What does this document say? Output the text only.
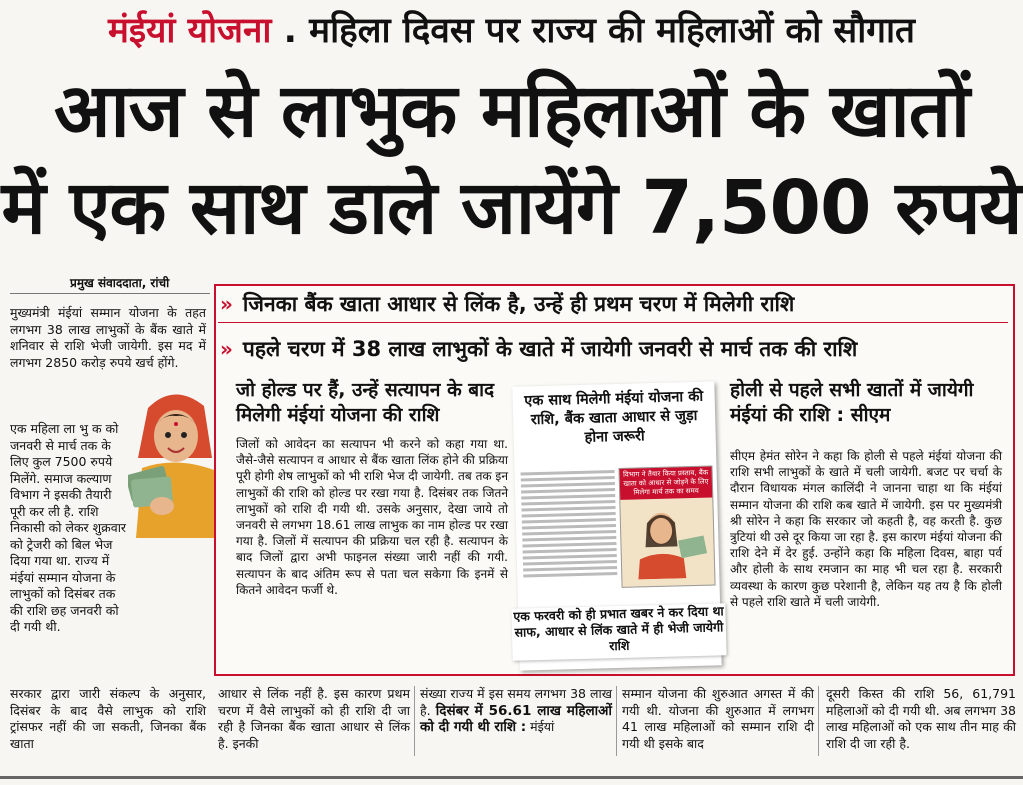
मंईयां योजना . महिला दिवस पर राज्य की महिलाओं को सौगात
आज से लाभुक महिलाओं के खातों
में एक साथ डाले जायेंगे 7,500 रुपये
प्रमुख संवाददाता, रांची
मुख्यमंत्री मंईयां सम्मान योजना के तहत लगभग 38 लाख लाभुकों के बैंक खाते में शनिवार से राशि भेजी जायेगी. इस मद में लगभग 2850 करोड़ रुपये खर्च होंगे.
एक महिला ला भु क को जनवरी से मार्च तक के लिए कुल 7500 रुपये मिलेंगे. समाज कल्याण विभाग ने इसकी तैयारी पूरी कर ली है. राशि निकासी को लेकर शुक्रवार को ट्रेजरी को बिल भेज दिया गया था. राज्य में मंईयां सम्मान योजना के लाभुकों को दिसंबर तक की राशि छह जनवरी को दी गयी थी.
» जिनका बैंक खाता आधार से लिंक है, उन्हें ही प्रथम चरण में मिलेगी राशि
» पहले चरण में 38 लाख लाभुकों के खाते में जायेगी जनवरी से मार्च तक की राशि
जो होल्ड पर हैं, उन्हें सत्यापन के बाद मिलेगी मंईयां योजना की राशि
जिलों को आवेदन का सत्यापन भी करने को कहा गया था. जैसे-जैसे सत्यापन व आधार से बैंक खाता लिंक होने की प्रक्रिया पूरी होगी शेष लाभुकों को भी राशि भेज दी जायेगी. तब तक इन लाभुकों की राशि को होल्ड पर रखा गया है. दिसंबर तक जितने लाभुकों को राशि दी गयी थी. उसके अनुसार, देखा जाये तो जनवरी से लगभग 18.61 लाख लाभुक का नाम होल्ड पर रखा गया है. जिलों में सत्यापन की प्रक्रिया चल रही है. सत्यापन के बाद जिलों द्वारा अभी फाइनल संख्या जारी नहीं की गयी. सत्यापन के बाद अंतिम रूप से पता चल सकेगा कि इनमें से कितने आवेदन फर्जी थे.
एक साथ मिलेगी मंईयां योजना की राशि, बैंक खाता आधार से जुड़ा होना जरूरी
विभाग ने तैयार किया प्रस्ताव, बैंक खाता को आधार से जोड़ने के लिए मिलेगा मार्च तक का समय
एक फरवरी को ही प्रभात खबर ने कर दिया था साफ, आधार से लिंक खाते में ही भेजी जायेगी राशि
होली से पहले सभी खातों में जायेगी मंईयां की राशि : सीएम
सीएम हेमंत सोरेन ने कहा कि होली से पहले मंईयां योजना की राशि सभी लाभुकों के खाते में चली जायेगी. बजट पर चर्चा के दौरान विधायक मंगल कालिंदी ने जानना चाहा था कि मंईयां सम्मान योजना की राशि कब खाते में जायेगी. इस पर मुख्यमंत्री श्री सोरेन ने कहा कि सरकार जो कहती है, वह करती है. कुछ त्रुटियां थी उसे दूर किया जा रहा है. इस कारण मंईयां योजना की राशि देने में देर हुई. उन्होंने कहा कि महिला दिवस, बाहा पर्व और होली के साथ रमजान का माह भी चल रहा है. सरकारी व्यवस्था के कारण कुछ परेशानी है, लेकिन यह तय है कि होली से पहले राशि खाते में चली जायेगी.
सरकार द्वारा जारी संकल्प के अनुसार, दिसंबर के बाद वैसे लाभुक को राशि ट्रांसफर नहीं की जा सकती, जिनका बैंक खाता
आधार से लिंक नहीं है. इस कारण प्रथम चरण में वैसे लाभुकों को ही राशि दी जा रही है जिनका बैंक खाता आधार से लिंक है. इनकी
संख्या राज्य में इस समय लगभग 38 लाख है. दिसंबर में 56.61 लाख महिलाओं को दी गयी थी राशि : मंईयां
सम्मान योजना की शुरुआत अगस्त में की गयी थी. योजना की शुरुआत में लगभग 41 लाख महिलाओं को सम्मान राशि दी गयी थी इसके बाद
दूसरी किस्त की राशि 56, 61,791 महिलाओं को दी गयी थी. अब लगभग 38 लाख महिलाओं को एक साथ तीन माह की राशि दी जा रही है.
